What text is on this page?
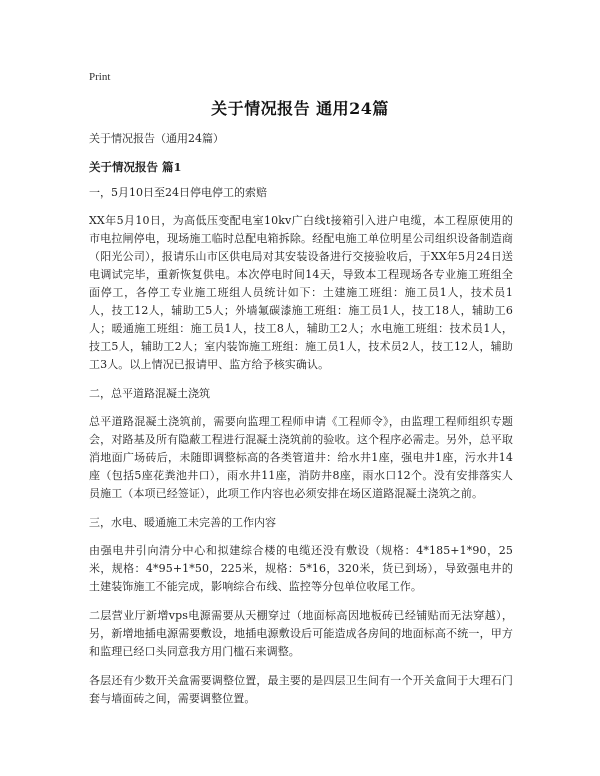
Print
关于情况报告 通用24篇

关于情况报告（通用24篇）

关于情况报告 篇1

一，5月10日至24日停电停工的索赔

XX年5月10日，为高低压变配电室10kv广白线t接箱引入进户电缆，本工程原使用的市电拉闸停电，现场施工临时总配电箱拆除。经配电施工单位明星公司组织设备制造商（阳光公司），报请乐山市区供电局对其安装设备进行交接验收后，于XX年5月24日送电调试完毕，重新恢复供电。本次停电时间14天，导致本工程现场各专业施工班组全面停工，各停工专业施工班组人员统计如下：土建施工班组：施工员1人，技术员1人，技工12人，辅助工5人；外墙氟碳漆施工班组：施工员1人，技工18人，辅助工6人；暖通施工班组：施工员1人，技工8人，辅助工2人；水电施工班组：技术员1人，技工5人，辅助工2人；室内装饰施工班组：施工员1人，技术员2人，技工12人，辅助工3人。以上情况已报请甲、监方给予核实确认。

二，总平道路混凝土浇筑

总平道路混凝土浇筑前，需要向监理工程师申请《工程师令》，由监理工程师组织专题会，对路基及所有隐蔽工程进行混凝土浇筑前的验收。这个程序必需走。另外，总平取消地面广场砖后，未随即调整标高的各类管道井：给水井1座，强电井1座，污水井14座（包括5座花粪池井口），雨水井11座，消防井8座，雨水口12个。没有安排落实人员施工（本项已经签证），此项工作内容也必须安排在场区道路混凝土浇筑之前。

三，水电、暖通施工未完善的工作内容

由强电井引向清分中心和拟建综合楼的电缆还没有敷设（规格：4*185+1*90，25米，规格：4*95+1*50，225米，规格：5*16，320米，货已到场），导致强电井的土建装饰施工不能完成，影响综合布线、监控等分包单位收尾工作。

二层营业厅新增vps电源需要从天棚穿过（地面标高因地板砖已经铺贴而无法穿越），另，新增地插电源需要敷设，地插电源敷设后可能造成各房间的地面标高不统一，甲方和监理已经口头同意我方用门槛石来调整。

各层还有少数开关盒需要调整位置，最主要的是四层卫生间有一个开关盒间于大理石门套与墙面砖之间，需要调整位置。
